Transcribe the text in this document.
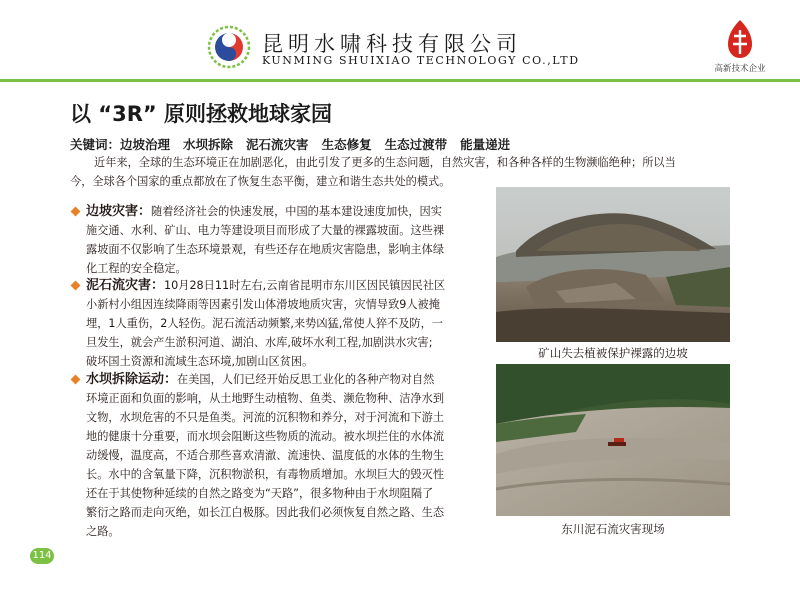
昆明水啸科技有限公司
KUNMING SHUIXIAO TECHNOLOGY CO.,LTD
高新技术企业
以 “3R” 原则拯救地球家园
关键词：边坡治理 水坝拆除 泥石流灾害 生态修复 生态过渡带 能量递进
近年来，全球的生态环境正在加剧恶化，由此引发了更多的生态问题，自然灾害，和各种各样的生物濒临绝种；所以当
今，全球各个国家的重点都放在了恢复生态平衡，建立和谐生态共处的模式。
边坡灾害：随着经济社会的快速发展，中国的基本建设速度加快，因实
施交通、水利、矿山、电力等建设项目而形成了大量的裸露坡面。这些裸
露坡面不仅影响了生态环境景观，有些还存在地质灾害隐患，影响主体绿
化工程的安全稳定。
泥石流灾害：10月28日11时左右,云南省昆明市东川区因民镇因民社区
小新村小组因连续降雨等因素引发山体滑坡地质灾害，灾情导致9人被掩
埋，1人重伤，2人轻伤。泥石流活动频繁,来势凶猛,常使人猝不及防，一
旦发生，就会产生淤积河道、湖泊、水库,破坏水利工程,加剧洪水灾害;
破坏国土资源和流域生态环境,加剧山区贫困。
水坝拆除运动：在美国，人们已经开始反思工业化的各种产物对自然
环境正面和负面的影响，从土地野生动植物、鱼类、濒危物种、洁净水到
文物，水坝危害的不只是鱼类。河流的沉积物和养分，对于河流和下游土
地的健康十分重要，而水坝会阻断这些物质的流动。被水坝拦住的水体流
动缓慢，温度高，不适合那些喜欢清澈、流速快、温度低的水体的生物生
长。水中的含氧量下降，沉积物淤积，有毒物质增加。水坝巨大的毁灭性
还在于其使物种延续的自然之路变为“天路”，很多物种由于水坝阻隔了
繁衍之路而走向灭绝，如长江白极豚。因此我们必须恢复自然之路、生态
之路。
矿山失去植被保护裸露的边坡
东川泥石流灾害现场
114
